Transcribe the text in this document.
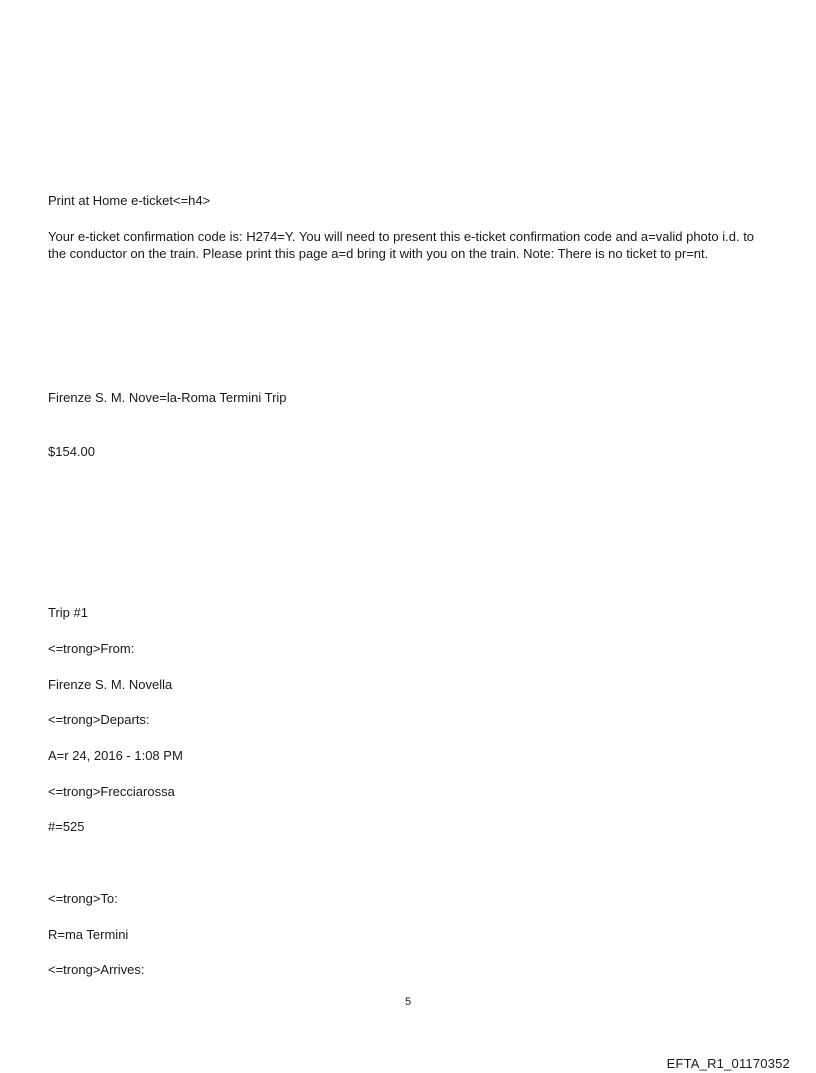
Print at Home e-ticket<=h4>
Your e-ticket confirmation code is: H274=Y. You will need to present this e-ticket confirmation code and a=valid photo i.d. to the conductor on the train. Please print this page a=d bring it with you on the train. Note: There is no ticket to pr=nt.
Firenze S. M. Nove=la-Roma Termini Trip
$154.00
Trip #1
<=trong>From:
Firenze S. M. Novella
<=trong>Departs:
A=r 24, 2016 - 1:08 PM
<=trong>Frecciarossa
#=525
<=trong>To:
R=ma Termini
<=trong>Arrives:
5
EFTA_R1_01170352
